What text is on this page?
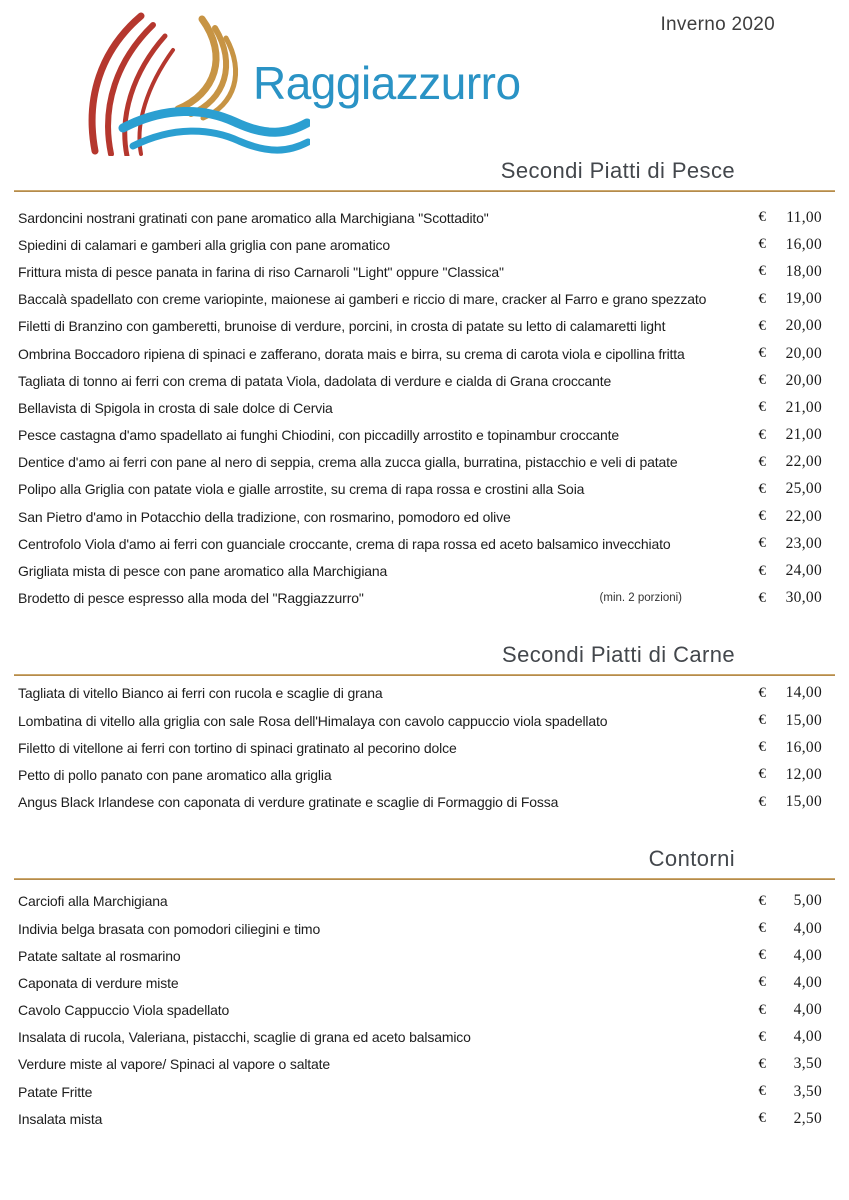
Raggiazzurro
Inverno 2020
Secondi Piatti di Pesce
Sardoncini nostrani gratinati con pane aromatico alla Marchigiana "Scottadito"	€	11,00
Spiedini di calamari e gamberi alla griglia con pane aromatico	€	16,00
Frittura mista di pesce panata in farina di riso Carnaroli "Light" oppure "Classica"	€	18,00
Baccalà spadellato con creme variopinte, maionese ai gamberi e riccio di mare, cracker al Farro e grano spezzato	€	19,00
Filetti di Branzino con gamberetti, brunoise di verdure, porcini, in crosta di patate su letto di calamaretti light	€	20,00
Ombrina Boccadoro ripiena di spinaci e zafferano, dorata mais e birra, su crema di carota viola e cipollina fritta	€	20,00
Tagliata di tonno ai ferri con crema di patata Viola, dadolata di verdure e cialda di Grana croccante	€	20,00
Bellavista di Spigola in crosta di sale dolce di Cervia	€	21,00
Pesce castagna d'amo spadellato ai funghi Chiodini, con piccadilly arrostito e topinambur croccante	€	21,00
Dentice d'amo ai ferri con pane al nero di seppia, crema alla zucca gialla, burratina, pistacchio e veli di patate	€	22,00
Polipo alla Griglia con patate viola e gialle arrostite, su crema di rapa rossa e crostini alla Soia	€	25,00
San Pietro d'amo in Potacchio della tradizione, con rosmarino, pomodoro ed olive	€	22,00
Centrofolo Viola d'amo ai ferri con guanciale croccante, crema di rapa rossa ed aceto balsamico invecchiato	€	23,00
Grigliata mista di pesce con pane aromatico alla Marchigiana	€	24,00
Brodetto di pesce espresso alla moda del "Raggiazzurro"	(min. 2 porzioni)	€	30,00
Secondi Piatti di Carne
Tagliata di vitello Bianco ai ferri con rucola e scaglie di grana	€	14,00
Lombatina di vitello alla griglia con sale Rosa dell'Himalaya con cavolo cappuccio viola spadellato	€	15,00
Filetto di vitellone ai ferri con tortino di spinaci gratinato al pecorino dolce	€	16,00
Petto di pollo panato con pane aromatico alla griglia	€	12,00
Angus Black Irlandese con caponata di verdure gratinate e scaglie di Formaggio di Fossa	€	15,00
Contorni
Carciofi alla Marchigiana	€	5,00
Indivia belga brasata con pomodori ciliegini e timo	€	4,00
Patate saltate al rosmarino	€	4,00
Caponata di verdure miste	€	4,00
Cavolo Cappuccio Viola spadellato	€	4,00
Insalata di rucola, Valeriana, pistacchi, scaglie di grana ed aceto balsamico	€	4,00
Verdure miste al vapore/ Spinaci al vapore o saltate	€	3,50
Patate Fritte	€	3,50
Insalata mista	€	2,50
